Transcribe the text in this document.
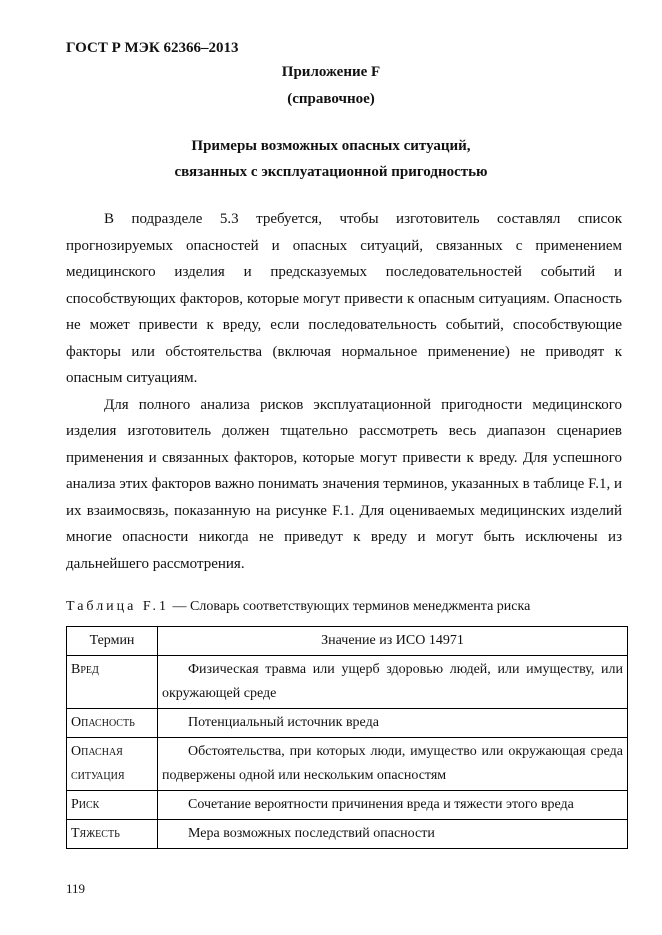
ГОСТ Р МЭК 62366–2013
Приложение F
(справочное)
Примеры возможных опасных ситуаций,
связанных с эксплуатационной пригодностью

В подразделе 5.3 требуется, чтобы изготовитель составлял список прогнозируемых опасностей и опасных ситуаций, связанных с применением медицинского изделия и предсказуемых последовательностей событий и способствующих факторов, которые могут привести к опасным ситуациям. Опасность не может привести к вреду, если последовательность событий, способствующие факторы или обстоятельства (включая нормальное применение) не приводят к опасным ситуациям.

Для полного анализа рисков эксплуатационной пригодности медицинского изделия изготовитель должен тщательно рассмотреть весь диапазон сценариев применения и связанных факторов, которые могут привести к вреду. Для успешного анализа этих факторов важно понимать значения терминов, указанных в таблице F.1, и их взаимосвязь, показанную на рисунке F.1. Для оцениваемых медицинских изделий многие опасности никогда не приведут к вреду и могут быть исключены из дальнейшего рассмотрения.

Таблица F.1 — Словарь соответствующих терминов менеджмента риска
Термин	Значение из ИСО 14971
Вред	Физическая травма или ущерб здоровью людей, или имуществу, или окружающей среде
Опасность	Потенциальный источник вреда
Опасная ситуация	Обстоятельства, при которых люди, имущество или окружающая среда подвержены одной или нескольким опасностям
Риск	Сочетание вероятности причинения вреда и тяжести этого вреда
Тяжесть	Мера возможных последствий опасности
119
